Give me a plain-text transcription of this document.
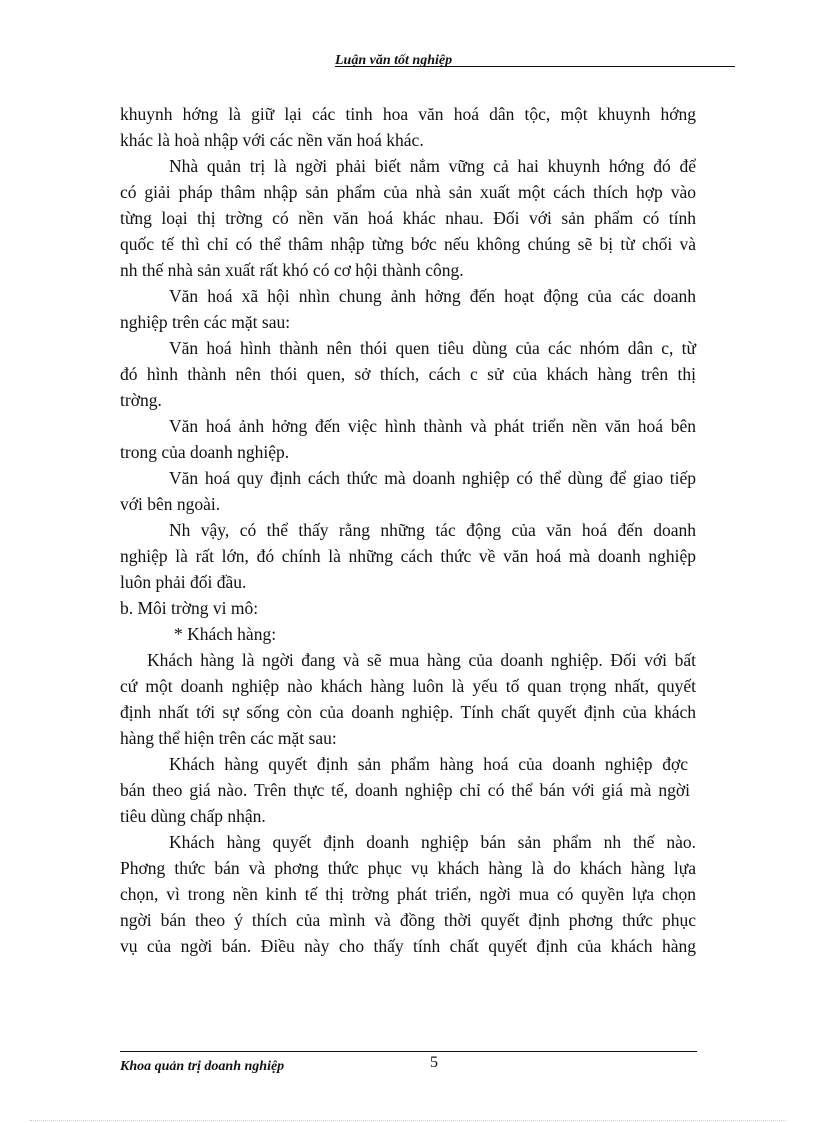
Luận văn tốt nghiệp
khuynh hớng là giữ lại các tinh hoa văn hoá dân tộc, một khuynh hớng
khác là hoà nhập với các nền văn hoá khác.
Nhà quản trị là ngời phải biết nắm vững cả hai khuynh hớng đó để
có giải pháp thâm nhập sản phẩm của nhà sản xuất một cách thích hợp vào
từng loại thị trờng có nền văn hoá khác nhau. Đối với sản phẩm có tính
quốc tế thì chỉ có thể thâm nhập từng bớc nếu không chúng sẽ bị từ chối và
nh thế nhà sản xuất rất khó có cơ hội thành công.
Văn hoá xã hội nhìn chung ảnh hởng đến hoạt động của các doanh
nghiệp trên các mặt sau:
Văn hoá hình thành nên thói quen tiêu dùng của các nhóm dân c, từ
đó hình thành nên thói quen, sở thích, cách c sử của khách hàng trên thị
trờng.
Văn hoá ảnh hởng đến việc hình thành và phát triển nền văn hoá bên
trong của doanh nghiệp.
Văn hoá quy định cách thức mà doanh nghiệp có thể dùng để giao tiếp
với bên ngoài.
Nh vậy, có thể thấy rằng những tác động của văn hoá đến doanh
nghiệp là rất lớn, đó chính là những cách thức về văn hoá mà doanh nghiệp
luôn phải đối đầu.
b. Môi trờng vi mô:
* Khách hàng:
Khách hàng là ngời đang và sẽ mua hàng của doanh nghiệp. Đối với bất
cứ một doanh nghiệp nào khách hàng luôn là yếu tố quan trọng nhất, quyết
định nhất tới sự sống còn của doanh nghiệp. Tính chất quyết định của khách
hàng thể hiện trên các mặt sau:
Khách hàng quyết định sản phẩm hàng hoá của doanh nghiệp đợc
bán theo giá nào. Trên thực tế, doanh nghiệp chỉ có thể bán với giá mà ngời
tiêu dùng chấp nhận.
Khách hàng quyết định doanh nghiệp bán sản phẩm nh thế nào.
Phơng thức bán và phơng thức phục vụ khách hàng là do khách hàng lựa
chọn, vì trong nền kinh tế thị trờng phát triển, ngời mua có quyền lựa chọn
ngời bán theo ý thích của mình và đồng thời quyết định phơng thức phục
vụ của ngời bán. Điều này cho thấy tính chất quyết định của khách hàng
Khoa quản trị doanh nghiệp	5
